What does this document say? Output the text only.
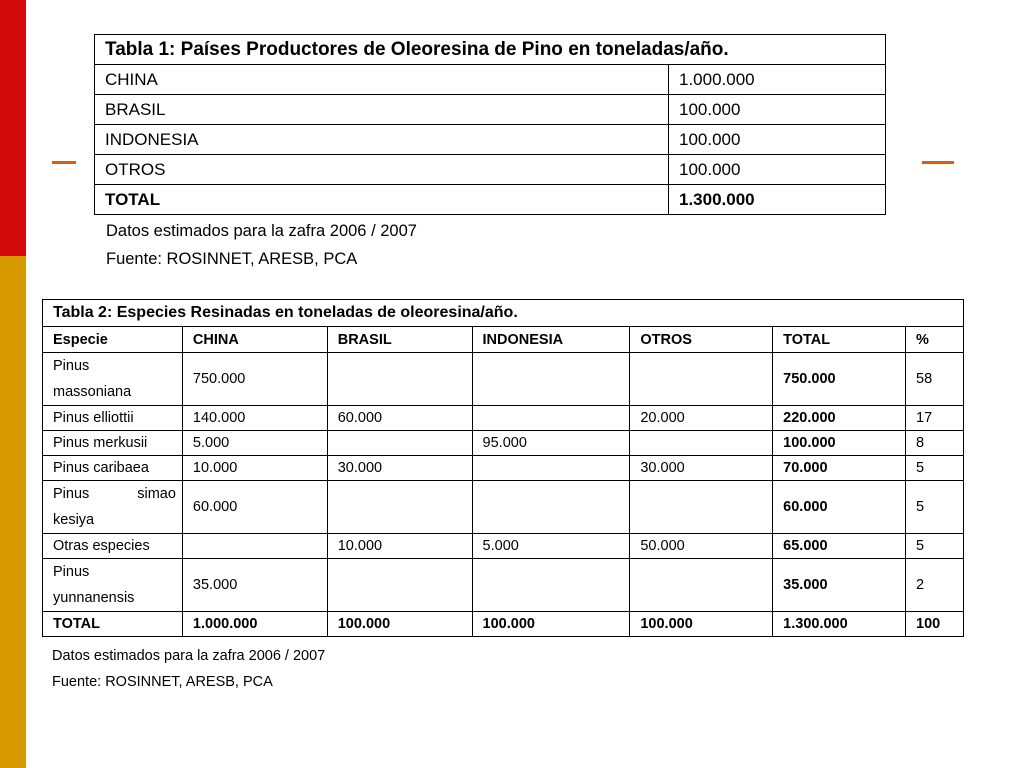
Tabla 1: Países Productores de Oleoresina de Pino en toneladas/año.	
CHINA	1.000.000
BRASIL	100.000
INDONESIA	100.000
OTROS	100.000
TOTAL	1.300.000
Datos estimados para la zafra 2006 / 2007
Fuente: ROSINNET, ARESB, PCA
Tabla 2: Especies Resinadas en toneladas de oleoresina/año.						
Especie	CHINA	BRASIL	INDONESIA	OTROS	TOTAL	%

Pinus
massoniana	750.000				750.000	58
Pinus elliottii	140.000	60.000		20.000	220.000	17
Pinus merkusii	5.000		95.000		100.000	8
Pinus caribaea	10.000	30.000		30.000	70.000	5

Pinus simao
kesiya	60.000				60.000	5
Otras especies		10.000	5.000	50.000	65.000	5

Pinus
yunnanensis	35.000				35.000	2
TOTAL	1.000.000	100.000	100.000	100.000	1.300.000	100
Datos estimados para la zafra 2006 / 2007
Fuente: ROSINNET, ARESB, PCA
